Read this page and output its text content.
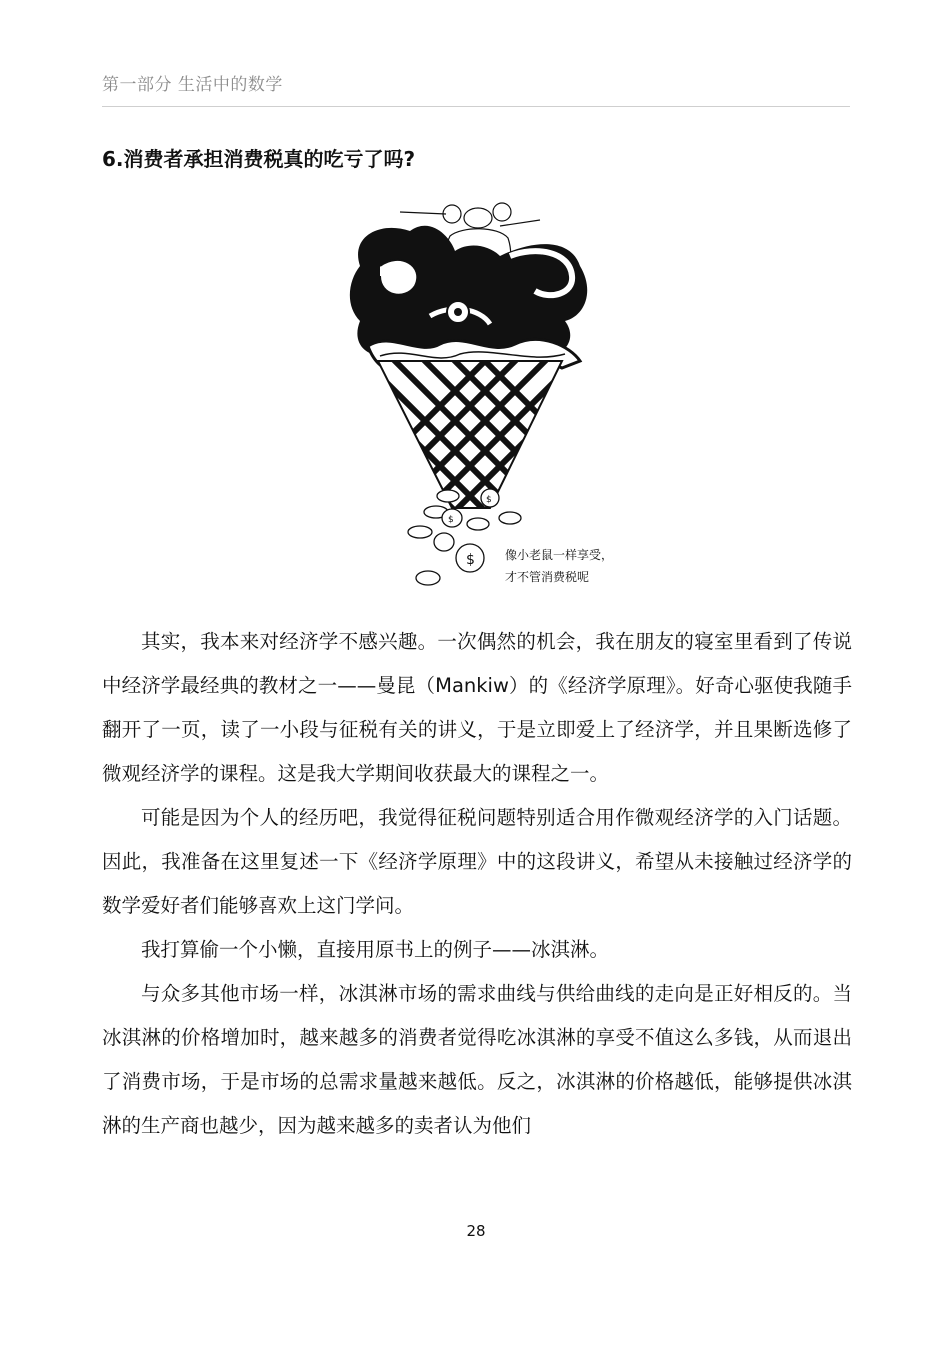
第一部分 生活中的数学
6.消费者承担消费税真的吃亏了吗?
$
$
$
像小老鼠一样享受，
才不管消费税呢

其实，我本来对经济学不感兴趣。一次偶然的机会，我在朋友的寝室里看到了传说中经济学最经典的教材之一——曼昆（Mankiw）的《经济学原理》。好奇心驱使我随手翻开了一页，读了一小段与征税有关的讲义，于是立即爱上了经济学，并且果断选修了微观经济学的课程。这是我大学期间收获最大的课程之一。

可能是因为个人的经历吧，我觉得征税问题特别适合用作微观经济学的入门话题。因此，我准备在这里复述一下《经济学原理》中的这段讲义，希望从未接触过经济学的数学爱好者们能够喜欢上这门学问。

我打算偷一个小懒，直接用原书上的例子——冰淇淋。

与众多其他市场一样，冰淇淋市场的需求曲线与供给曲线的走向是正好相反的。当冰淇淋的价格增加时，越来越多的消费者觉得吃冰淇淋的享受不值这么多钱，从而退出了消费市场，于是市场的总需求量越来越低。反之，冰淇淋的价格越低，能够提供冰淇淋的生产商也越少，因为越来越多的卖者认为他们

28
